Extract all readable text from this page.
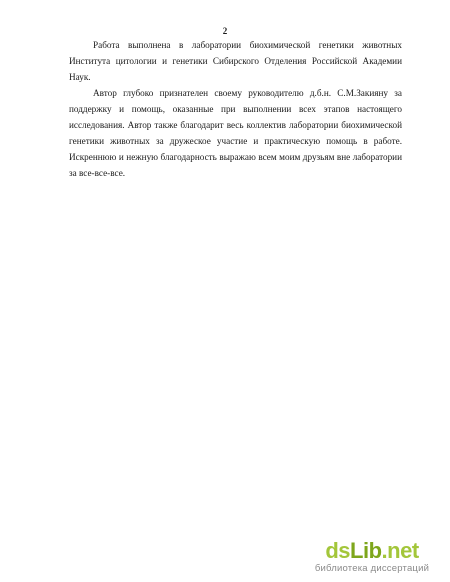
2

Работа выполнена в лаборатории биохимической генетики животных Института цитологии и генетики Сибирского Отделения Российской Академии Наук.

Автор глубоко признателен своему руководителю д.б.н. С.М.Закияну за поддержку и помощь, оказанные при выполнении всех этапов настоящего исследования. Автор также благодарит весь коллектив лаборатории биохимической генетики животных за дружеское участие и практическую помощь в работе. Искреннюю и нежную благодарность выражаю всем моим друзьям вне лаборатории за все-все-все.

dsLib.net
библиотека диссертаций
